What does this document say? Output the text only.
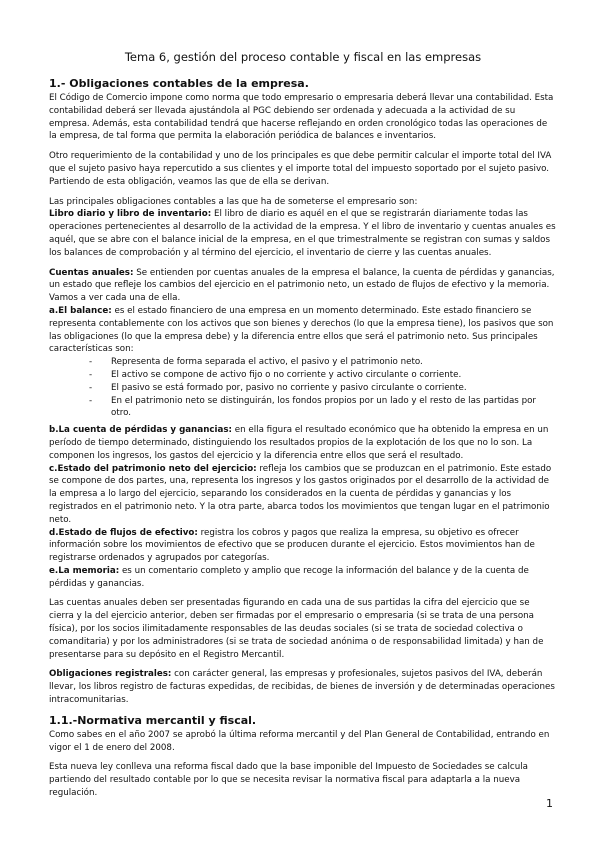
Tema 6, gestión del proceso contable y fiscal en las empresas
1.- Obligaciones contables de la empresa.

El Código de Comercio impone como norma que todo empresario o empresaria deberá llevar una contabilidad. Esta contabilidad deberá ser llevada ajustándola al PGC debiendo ser ordenada y adecuada a la actividad de su empresa. Además, esta contabilidad tendrá que hacerse reflejando en orden cronológico todas las operaciones de la empresa, de tal forma que permita la elaboración periódica de balances e inventarios.

Otro requerimiento de la contabilidad y uno de los principales es que debe permitir calcular el importe total del IVA que el sujeto pasivo haya repercutido a sus clientes y el importe total del impuesto soportado por el sujeto pasivo. Partiendo de esta obligación, veamos las que de ella se derivan.

Las principales obligaciones contables a las que ha de someterse el empresario son:

Libro diario y libro de inventario: El libro de diario es aquél en el que se registrarán diariamente todas las operaciones pertenecientes al desarrollo de la actividad de la empresa. Y el libro de inventario y cuentas anuales es aquél, que se abre con el balance inicial de la empresa, en el que trimestralmente se registran con sumas y saldos los balances de comprobación y al término del ejercicio, el inventario de cierre y las cuentas anuales.

Cuentas anuales: Se entienden por cuentas anuales de la empresa el balance, la cuenta de pérdidas y ganancias, un estado que refleje los cambios del ejercicio en el patrimonio neto, un estado de flujos de efectivo y la memoria. Vamos a ver cada una de ella.

a.El balance: es el estado financiero de una empresa en un momento determinado. Este estado financiero se representa contablemente con los activos que son bienes y derechos (lo que la empresa tiene), los pasivos que son las obligaciones (lo que la empresa debe) y la diferencia entre ellos que será el patrimonio neto. Sus principales características son:

- Representa de forma separada el activo, el pasivo y el patrimonio neto.
- El activo se compone de activo fijo o no corriente y activo circulante o corriente.
- El pasivo se está formado por, pasivo no corriente y pasivo circulante o corriente.
- En el patrimonio neto se distinguirán, los fondos propios por un lado y el resto de las partidas por otro.

b.La cuenta de pérdidas y ganancias: en ella figura el resultado económico que ha obtenido la empresa en un período de tiempo determinado, distinguiendo los resultados propios de la explotación de los que no lo son. La componen los ingresos, los gastos del ejercicio y la diferencia entre ellos que será el resultado.

c.Estado del patrimonio neto del ejercicio: refleja los cambios que se produzcan en el patrimonio. Este estado se compone de dos partes, una, representa los ingresos y los gastos originados por el desarrollo de la actividad de la empresa a lo largo del ejercicio, separando los considerados en la cuenta de pérdidas y ganancias y los registrados en el patrimonio neto. Y la otra parte, abarca todos los movimientos que tengan lugar en el patrimonio neto.

d.Estado de flujos de efectivo: registra los cobros y pagos que realiza la empresa, su objetivo es ofrecer información sobre los movimientos de efectivo que se producen durante el ejercicio. Estos movimientos han de registrarse ordenados y agrupados por categorías.

e.La memoria: es un comentario completo y amplio que recoge la información del balance y de la cuenta de pérdidas y ganancias.

Las cuentas anuales deben ser presentadas figurando en cada una de sus partidas la cifra del ejercicio que se cierra y la del ejercicio anterior, deben ser firmadas por el empresario o empresaria (si se trata de una persona física), por los socios ilimitadamente responsables de las deudas sociales (si se trata de sociedad colectiva o comanditaria) y por los administradores (si se trata de sociedad anónima o de responsabilidad limitada) y han de presentarse para su depósito en el Registro Mercantil.

Obligaciones registrales: con carácter general, las empresas y profesionales, sujetos pasivos del IVA, deberán llevar, los libros registro de facturas expedidas, de recibidas, de bienes de inversión y de determinadas operaciones intracomunitarias.

1.1.-Normativa mercantil y fiscal.

Como sabes en el año 2007 se aprobó la última reforma mercantil y del Plan General de Contabilidad, entrando en vigor el 1 de enero del 2008.

Esta nueva ley conlleva una reforma fiscal dado que la base imponible del Impuesto de Sociedades se calcula partiendo del resultado contable por lo que se necesita revisar la normativa fiscal para adaptarla a la nueva regulación.

1
